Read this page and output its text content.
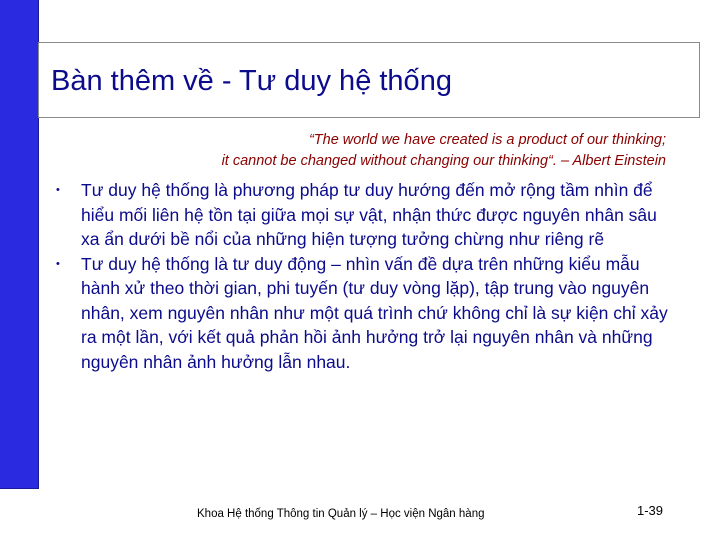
Bàn thêm về - Tư duy hệ thống
“The world we have created is a product of our thinking;
it cannot be changed without changing our thinking“. – Albert Einstein
• Tư duy hệ thống là phương pháp tư duy hướng đến mở rộng tầm nhìn để hiểu mối liên hệ tồn tại giữa mọi sự vật, nhận thức được nguyên nhân sâu xa ẩn dưới bề nổi của những hiện tượng tưởng chừng như riêng rẽ
• Tư duy hệ thống là tư duy động – nhìn vấn đề dựa trên những kiểu mẫu hành xử theo thời gian, phi tuyến (tư duy vòng lặp), tập trung vào nguyên nhân, xem nguyên nhân như một quá trình chứ không chỉ là sự kiện chỉ xảy ra một lần, với kết quả phản hồi ảnh hưởng trở lại nguyên nhân và những nguyên nhân ảnh hưởng lẫn nhau.
Khoa Hệ thống Thông tin Quản lý – Học viện Ngân hàng	1-39
